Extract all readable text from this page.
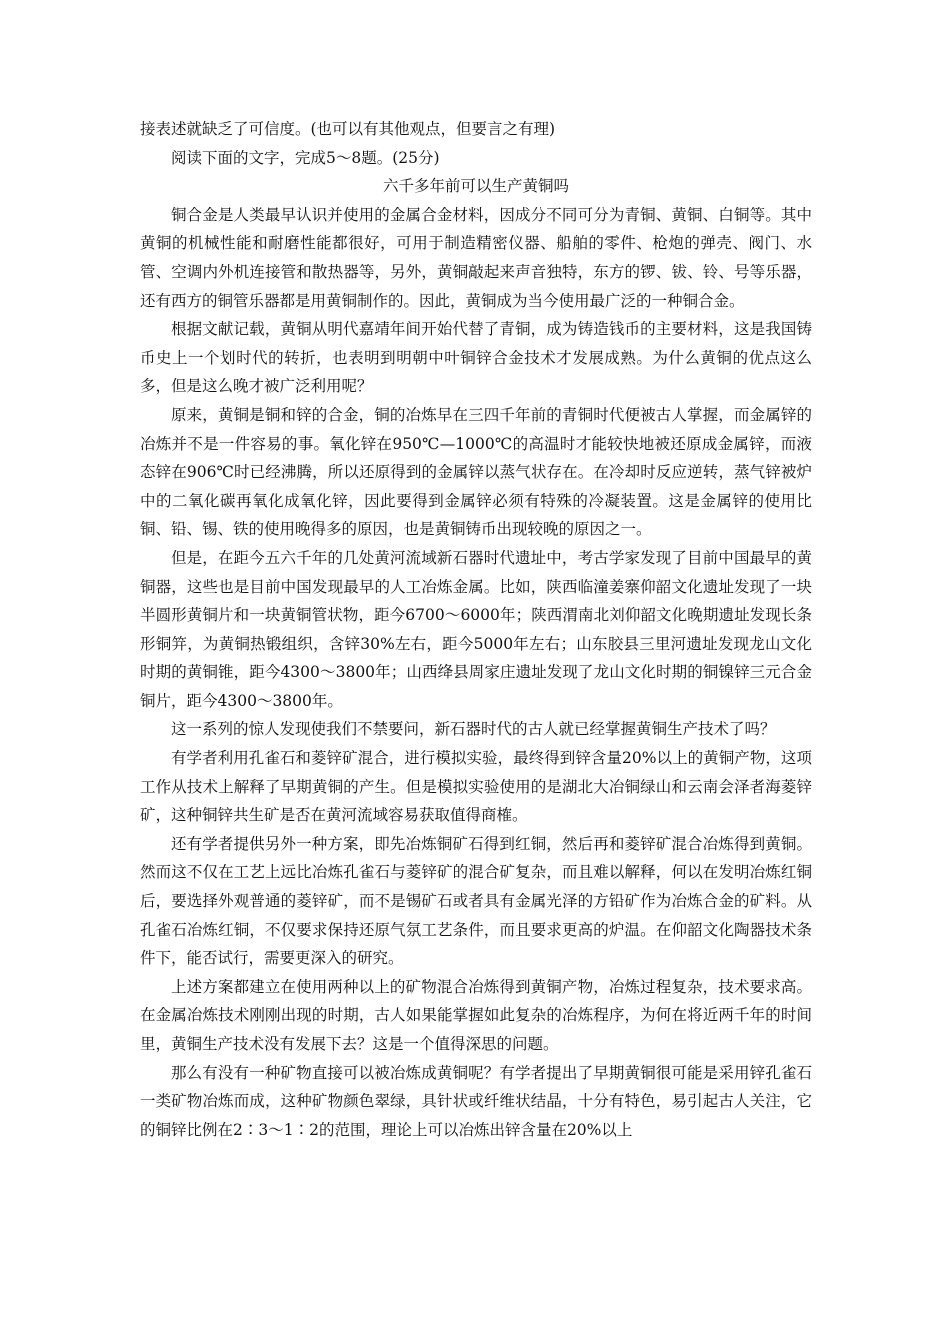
接表述就缺乏了可信度。(也可以有其他观点，但要言之有理)

阅读下面的文字，完成5～8题。(25分)

六千多年前可以生产黄铜吗

铜合金是人类最早认识并使用的金属合金材料，因成分不同可分为青铜、黄铜、白铜等。其中黄铜的机械性能和耐磨性能都很好，可用于制造精密仪器、船舶的零件、枪炮的弹壳、阀门、水管、空调内外机连接管和散热器等，另外，黄铜敲起来声音独特，东方的锣、钹、铃、号等乐器，还有西方的铜管乐器都是用黄铜制作的。因此，黄铜成为当今使用最广泛的一种铜合金。

根据文献记载，黄铜从明代嘉靖年间开始代替了青铜，成为铸造钱币的主要材料，这是我国铸币史上一个划时代的转折，也表明到明朝中叶铜锌合金技术才发展成熟。为什么黄铜的优点这么多，但是这么晚才被广泛利用呢？

原来，黄铜是铜和锌的合金，铜的冶炼早在三四千年前的青铜时代便被古人掌握，而金属锌的冶炼并不是一件容易的事。氧化锌在950℃—1000℃的高温时才能较快地被还原成金属锌，而液态锌在906℃时已经沸腾，所以还原得到的金属锌以蒸气状存在。在冷却时反应逆转，蒸气锌被炉中的二氧化碳再氧化成氧化锌，因此要得到金属锌必须有特殊的冷凝装置。这是金属锌的使用比铜、铅、锡、铁的使用晚得多的原因，也是黄铜铸币出现较晚的原因之一。

但是，在距今五六千年的几处黄河流域新石器时代遗址中，考古学家发现了目前中国最早的黄铜器，这些也是目前中国发现最早的人工冶炼金属。比如，陕西临潼姜寨仰韶文化遗址发现了一块半圆形黄铜片和一块黄铜管状物，距今6700～6000年；陕西渭南北刘仰韶文化晚期遗址发现长条形铜笄，为黄铜热锻组织，含锌30%左右，距今5000年左右；山东胶县三里河遗址发现龙山文化时期的黄铜锥，距今4300～3800年；山西绛县周家庄遗址发现了龙山文化时期的铜镍锌三元合金铜片，距今4300～3800年。

这一系列的惊人发现使我们不禁要问，新石器时代的古人就已经掌握黄铜生产技术了吗？

有学者利用孔雀石和菱锌矿混合，进行模拟实验，最终得到锌含量20%以上的黄铜产物，这项工作从技术上解释了早期黄铜的产生。但是模拟实验使用的是湖北大冶铜绿山和云南会泽者海菱锌矿，这种铜锌共生矿是否在黄河流域容易获取值得商榷。

还有学者提供另外一种方案，即先冶炼铜矿石得到红铜，然后再和菱锌矿混合冶炼得到黄铜。然而这不仅在工艺上远比冶炼孔雀石与菱锌矿的混合矿复杂，而且难以解释，何以在发明冶炼红铜后，要选择外观普通的菱锌矿，而不是锡矿石或者具有金属光泽的方铅矿作为冶炼合金的矿料。从孔雀石冶炼红铜，不仅要求保持还原气氛工艺条件，而且要求更高的炉温。在仰韶文化陶器技术条件下，能否试行，需要更深入的研究。

上述方案都建立在使用两种以上的矿物混合冶炼得到黄铜产物，冶炼过程复杂，技术要求高。在金属冶炼技术刚刚出现的时期，古人如果能掌握如此复杂的冶炼程序，为何在将近两千年的时间里，黄铜生产技术没有发展下去？这是一个值得深思的问题。

那么有没有一种矿物直接可以被冶炼成黄铜呢？有学者提出了早期黄铜很可能是采用锌孔雀石一类矿物冶炼而成，这种矿物颜色翠绿，具针状或纤维状结晶，十分有特色，易引起古人关注，它的铜锌比例在2∶3～1∶2的范围，理论上可以冶炼出锌含量在20%以上
